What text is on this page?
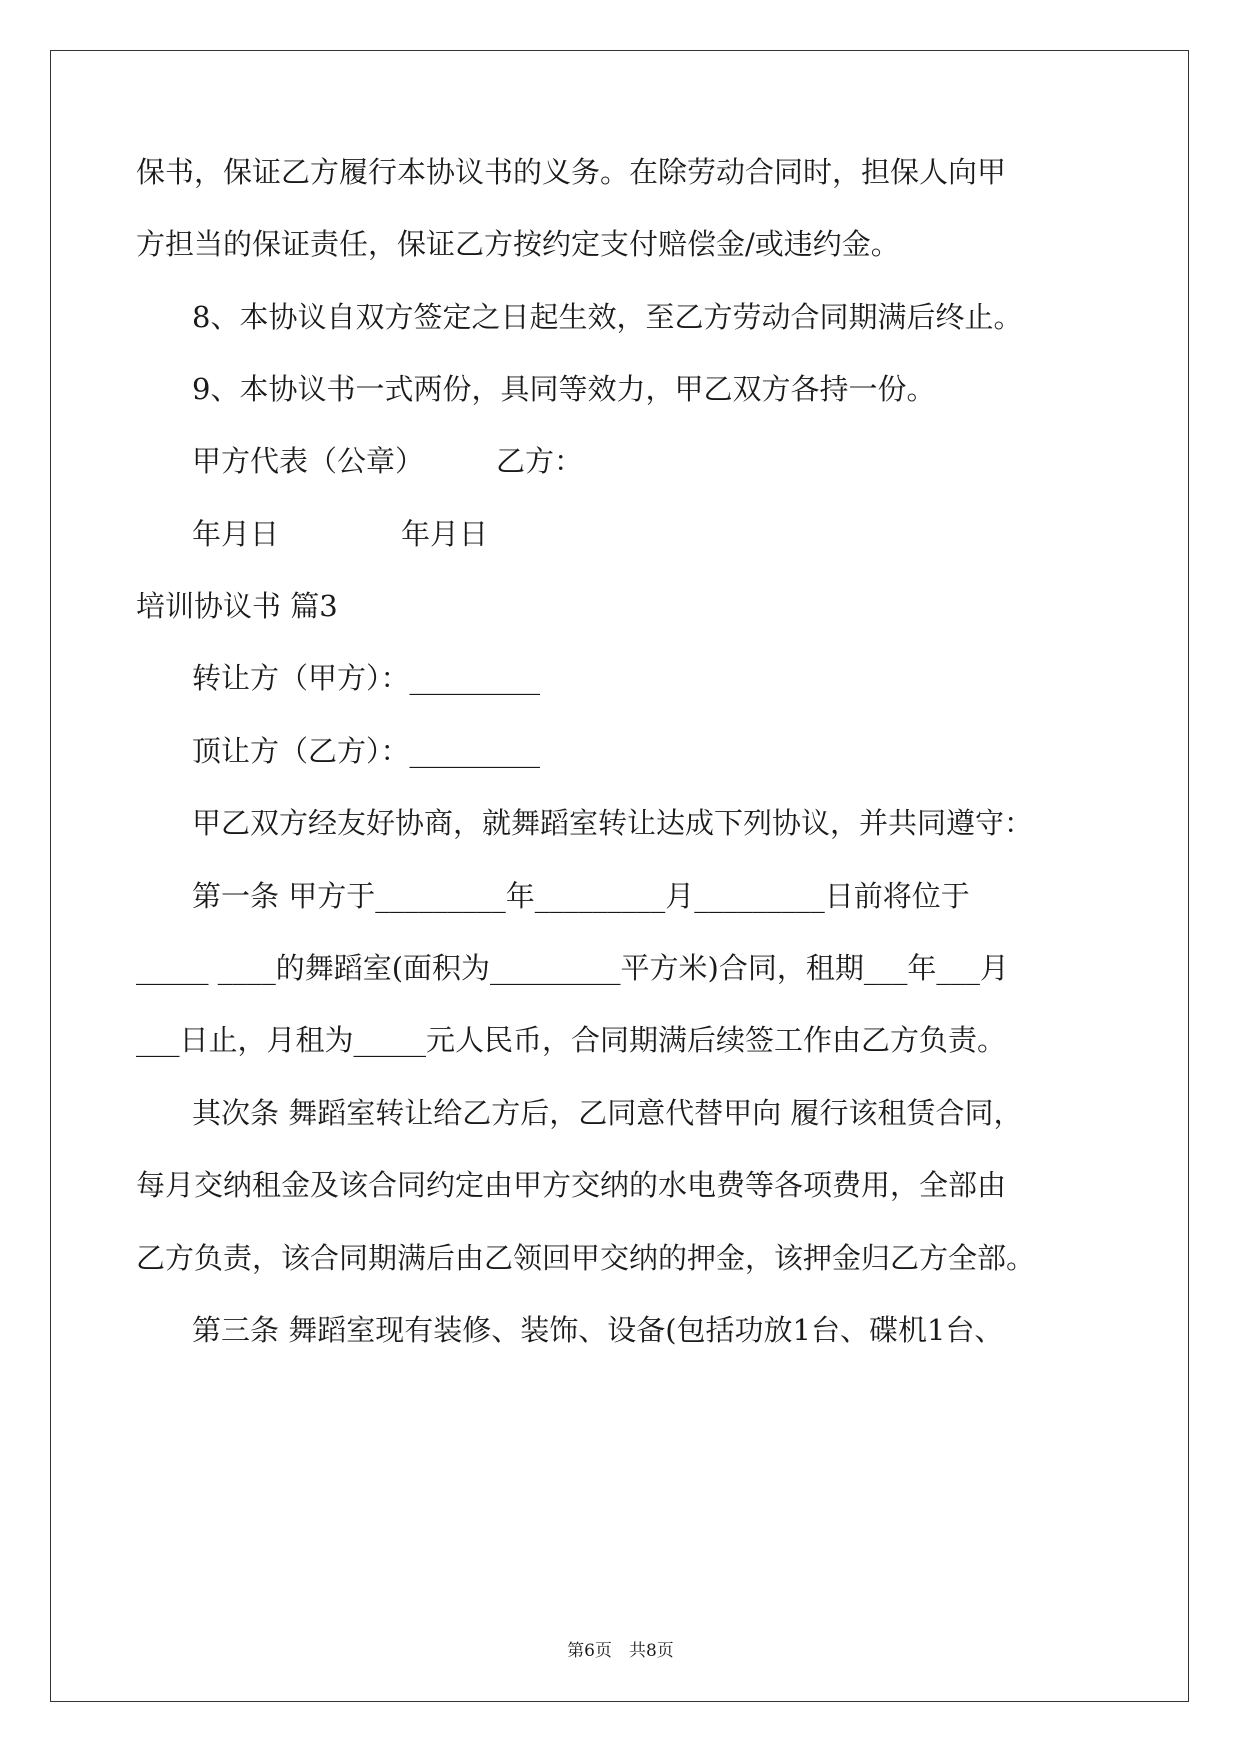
保书，保证乙方履行本协议书的义务。在除劳动合同时，担保人向甲
方担当的保证责任，保证乙方按约定支付赔偿金/或违约金。
8、本协议自双方签定之日起生效，至乙方劳动合同期满后终止。
9、本协议书一式两份，具同等效力，甲乙双方各持一份。
甲方代表（公章） 乙方：
年月日	年月日
培训协议书 篇3
转让方（甲方）：_________
顶让方（乙方）：_________
甲乙双方经友好协商，就舞蹈室转让达成下列协议，并共同遵守：
第一条 甲方于_________年_________月_________日前将位于
_____ ____的舞蹈室(面积为_________平方米)合同，租期___年___月
___日止，月租为_____元人民币，合同期满后续签工作由乙方负责。
其次条 舞蹈室转让给乙方后，乙同意代替甲向 履行该租赁合同，
每月交纳租金及该合同约定由甲方交纳的水电费等各项费用，全部由
乙方负责，该合同期满后由乙领回甲交纳的押金，该押金归乙方全部。
第三条 舞蹈室现有装修、装饰、设备(包括功放1台、碟机1台、
第6页　共8页
